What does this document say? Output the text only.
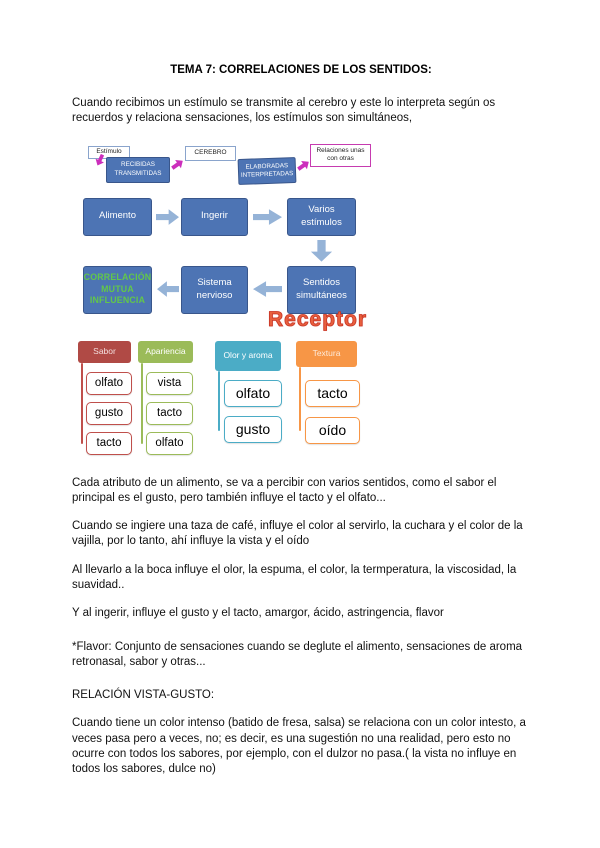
TEMA 7: CORRELACIONES DE LOS SENTIDOS:

Cuando recibimos un estímulo se transmite al cerebro y este lo interpreta según os recuerdos y relaciona sensaciones, los estímulos son simultáneos,

Estímulo
RECIBIDAS TRANSMITIDAS
CEREBRO
ELABORADAS INTERPRETADAS
Relaciones unas con otras
Alimento	Ingerir
Varios estímulos
CORRELACIÓN MUTUA INFLUENCIA
Sistema nervioso
Sentidos simultáneos
Receptor
Sabor
olfato
gusto
tacto
Apariencia
vista
tacto
olfato
Olor y aroma
olfato
gusto
Textura
tacto
oído

Cada atributo de un alimento, se va a percibir con varios sentidos, como el sabor el principal es el gusto, pero también influye el tacto y el olfato...

Cuando se ingiere una taza de café, influye el color al servirlo, la cuchara y el color de la vajilla, por lo tanto, ahí influye la vista y el oído

Al llevarlo a la boca influye el olor, la espuma, el color, la termperatura, la viscosidad, la suavidad..

Y al ingerir, influye el gusto y el tacto, amargor, ácido, astringencia, flavor

*Flavor: Conjunto de sensaciones cuando se deglute el alimento, sensaciones de aroma retronasal, sabor y otras...

RELACIÓN VISTA-GUSTO:

Cuando tiene un color intenso (batido de fresa, salsa) se relaciona con un color intesto, a veces pasa pero a veces, no; es decir, es una sugestión no una realidad, pero esto no ocurre con todos los sabores, por ejemplo, con el dulzor no pasa.( la vista no influye en todos los sabores, dulce no)
